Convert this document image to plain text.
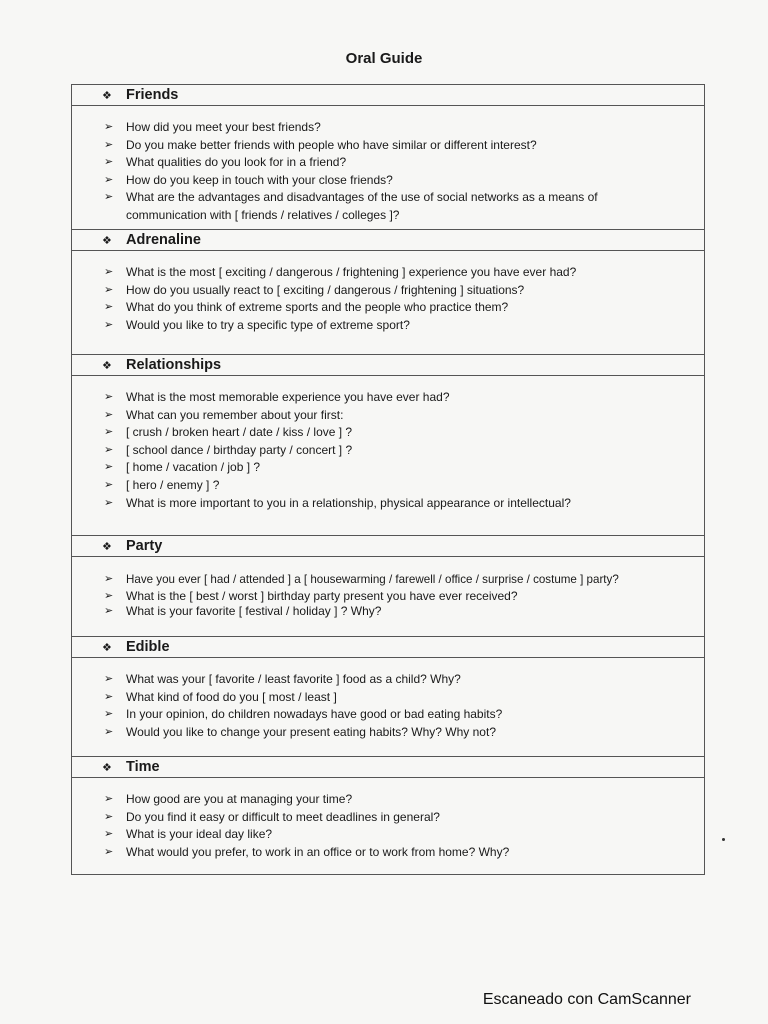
Oral Guide
❖ Friends
➢ How did you meet your best friends?
➢ Do you make better friends with people who have similar or different interest?
➢ What qualities do you look for in a friend?
➢ How do you keep in touch with your close friends?
➢ What are the advantages and disadvantages of the use of social networks as a means of
communication with [ friends / relatives / colleges ]?
❖ Adrenaline
➢ What is the most [ exciting / dangerous / frightening ] experience you have ever had?
➢ How do you usually react to [ exciting / dangerous / frightening ] situations?
➢ What do you think of extreme sports and the people who practice them?
➢ Would you like to try a specific type of extreme sport?
❖ Relationships
➢ What is the most memorable experience you have ever had?
➢ What can you remember about your first:
➢ [ crush / broken heart / date / kiss / love ] ?
➢ [ school dance / birthday party / concert ] ?
➢ [ home / vacation / job ] ?
➢ [ hero / enemy ] ?
➢ What is more important to you in a relationship, physical appearance or intellectual?
❖ Party
➢ Have you ever [ had / attended ] a [ housewarming / farewell / office / surprise / costume ] party?
➢ What is the [ best / worst ] birthday party present you have ever received?
➢ What is your favorite [ festival / holiday ] ? Why?
❖ Edible
➢ What was your [ favorite / least favorite ] food as a child? Why?
➢ What kind of food do you [ most / least ]
➢ In your opinion, do children nowadays have good or bad eating habits?
➢ Would you like to change your present eating habits? Why? Why not?
❖ Time
➢ How good are you at managing your time?
➢ Do you find it easy or difficult to meet deadlines in general?
➢ What is your ideal day like?
➢ What would you prefer, to work in an office or to work from home? Why?
Escaneado con CamScanner
